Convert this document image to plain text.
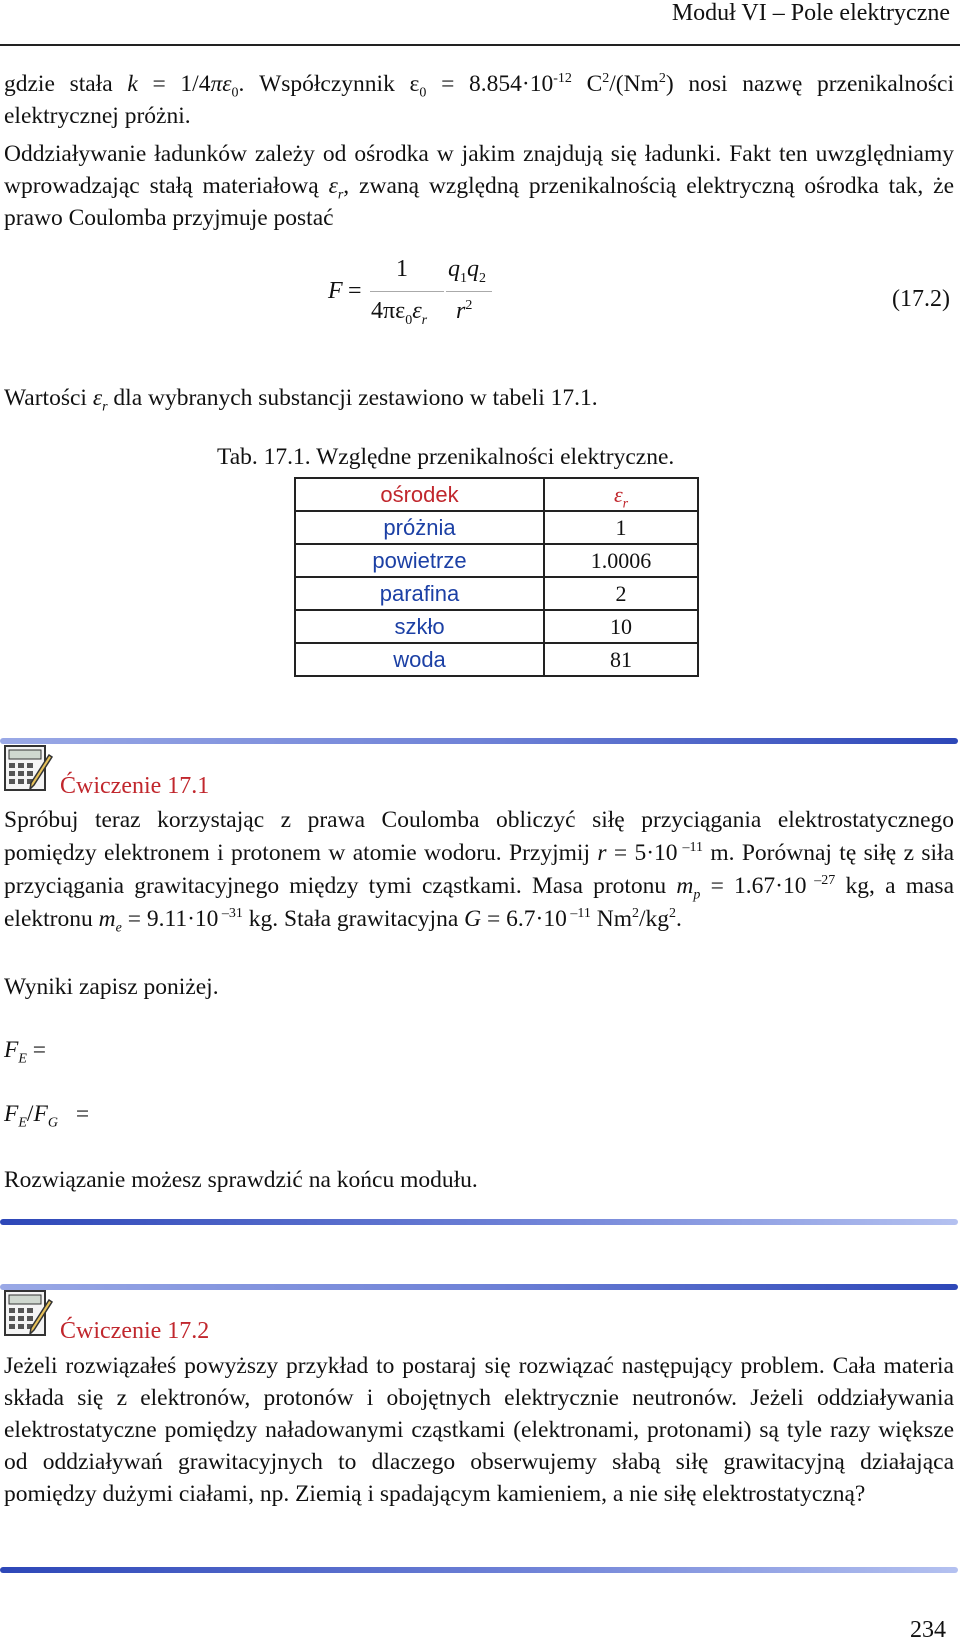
Moduł VI – Pole elektryczne
gdzie stała $k = 1/4\pi\varepsilon_0$. Współczynnik $\varepsilon_0 = 8.854\cdot 10^{-12}$ $C^2/(Nm^2)$ nosi nazwę przenikalności elektrycznej próżni.
Oddziaływanie ładunków zależy od ośrodka w jakim znajdują się ładunki. Fakt ten uwzględniamy wprowadzając stałą materiałową $\varepsilon_r$, zwaną względną przenikalnością elektryczną ośrodka tak, że prawo Coulomba przyjmuje postać
F =
1
$4\pi\varepsilon_0\varepsilon_r$
$q_1q_2$
$r^2$	(17.2)
Wartości $\varepsilon_r$ dla wybranych substancji zestawiono w tabeli 17.1.
Tab. 17.1. Względne przenikalności elektryczne.
ośrodek	$\varepsilon_r$
próżnia	1
powietrze	1.0006
parafina	2
szkło	10
woda	81
Ćwiczenie 17.1
Spróbuj teraz korzystając z prawa Coulomba obliczyć siłę przyciągania elektrostatycznego pomiędzy elektronem i protonem w atomie wodoru. Przyjmij r = 5·10 $^{-11}$ m. Porównaj tę siłę z siła przyciągania grawitacyjnego między tymi cząstkami. Masa protonu $m_p = 1.67\cdot 10$ $^{-27}$ kg, a masa elektronu $m_e = 9.11\cdot 10$ $^{-31}$ kg. Stała grawitacyjna G = 6.7·10 $^{-11}$ $Nm^2/kg^2$.
Wyniki zapisz poniżej.
$F_E$ =
$F_E/F_G$ =
Rozwiązanie możesz sprawdzić na końcu modułu.
Ćwiczenie 17.2
Jeżeli rozwiązałeś powyższy przykład to postaraj się rozwiązać następujący problem. Cała materia składa się z elektronów, protonów i obojętnych elektrycznie neutronów. Jeżeli oddziaływania elektrostatyczne pomiędzy naładowanymi cząstkami (elektronami, protonami) są tyle razy większe od oddziaływań grawitacyjnych to dlaczego obserwujemy słabą siłę grawitacyjną działająca pomiędzy dużymi ciałami, np. Ziemią i spadającym kamieniem, a nie siłę elektrostatyczną?
234
